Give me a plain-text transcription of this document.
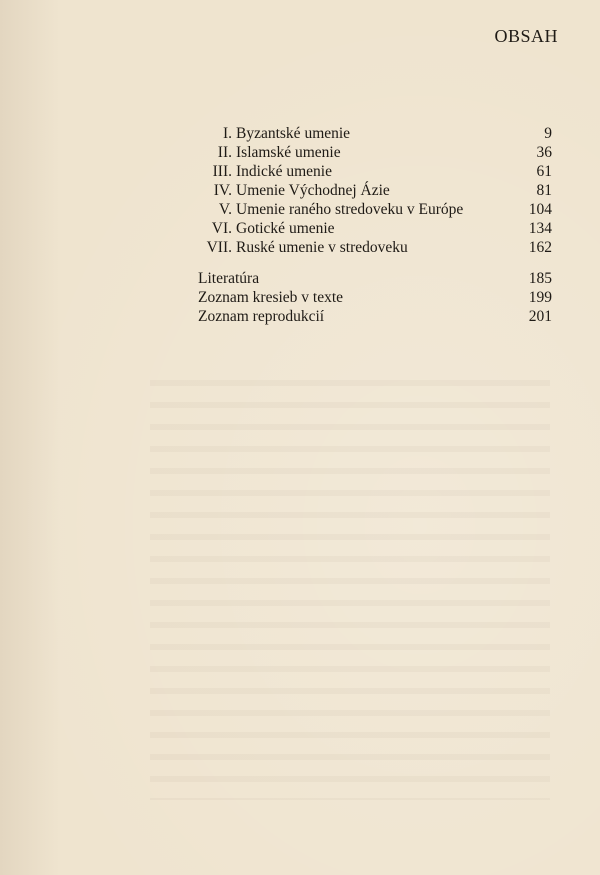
OBSAH
I. Byzantské umenie	9
II. Islamské umenie	36
III. Indické umenie	61
IV. Umenie Východnej Ázie	81
V. Umenie raného stredoveku v Európe	104
VI. Gotické umenie	134
VII. Ruské umenie v stredoveku	162
Literatúra	185
Zoznam kresieb v texte	199
Zoznam reprodukcií	201
